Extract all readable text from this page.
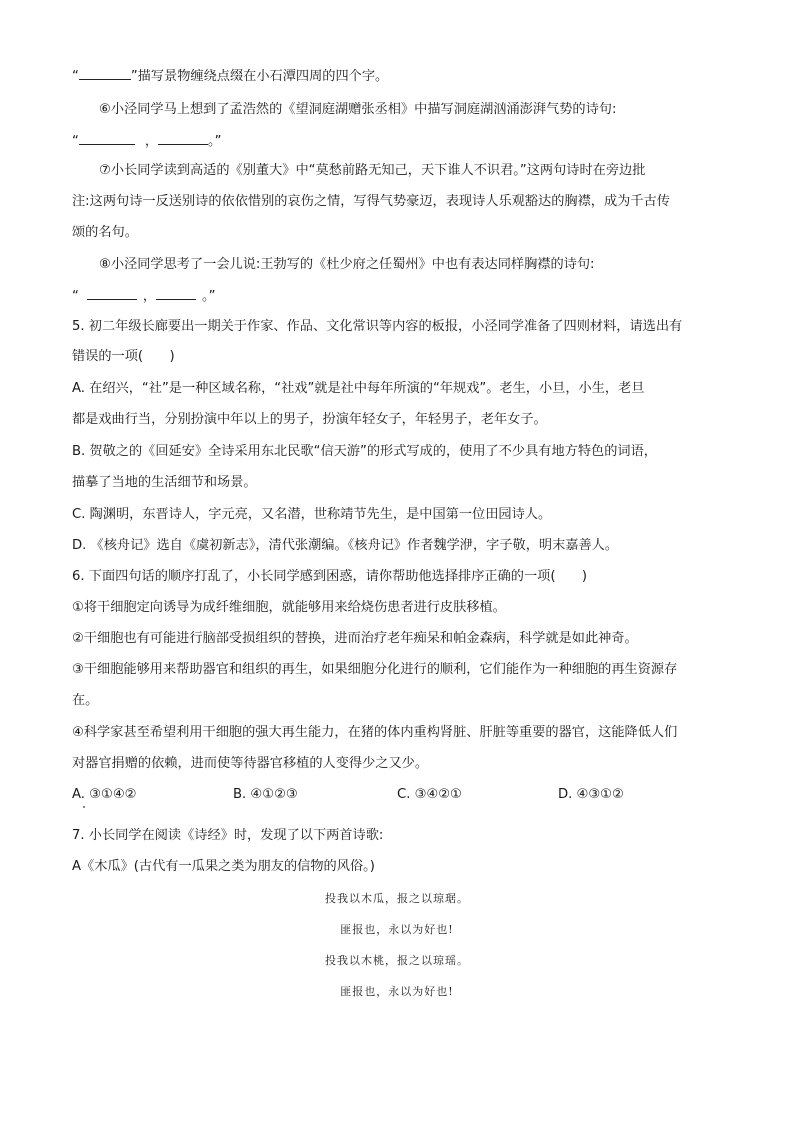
“	”描写景物缠绕点缀在小石潭四周的四个字。
⑥小泾同学马上想到了孟浩然的《望洞庭湖赠张丞相》中描写洞庭湖汹涌澎湃气势的诗句:
“	，	。”
⑦小长同学读到高适的《别董大》中“莫愁前路无知己，天下谁人不识君。”这两句诗时在旁边批
注:这两句诗一反送别诗的依依惜别的哀伤之情，写得气势豪迈，表现诗人乐观豁达的胸襟，成为千古传
颂的名句。
⑧小泾同学思考了一会儿说:王勃写的《杜少府之任蜀州》中也有表达同样胸襟的诗句:
“	，	。”
5. 初二年级长廊要出一期关于作家、作品、文化常识等内容的板报，小泾同学准备了四则材料，请选出有
错误的一项(　　)
A. 在绍兴，“社”是一种区域名称，“社戏”就是社中每年所演的“年规戏”。老生，小旦，小生，老旦
都是戏曲行当，分别扮演中年以上的男子，扮演年轻女子，年轻男子，老年女子。
B. 贺敬之的《回延安》全诗采用东北民歌“信天游”的形式写成的，使用了不少具有地方特色的词语，
描摹了当地的生活细节和场景。
C. 陶渊明，东晋诗人，字元亮，又名潜，世称靖节先生，是中国第一位田园诗人。
D. 《核舟记》选自《虞初新志》，清代张潮编。《核舟记》作者魏学洢，字子敬，明末嘉善人。
6. 下面四句话的顺序打乱了，小长同学感到困惑，请你帮助他选择排序正确的一项(　　)
①将干细胞定向诱导为成纤维细胞，就能够用来给烧伤患者进行皮肤移植。
②干细胞也有可能进行脑部受损组织的替换，进而治疗老年痴呆和帕金森病，科学就是如此神奇。
③干细胞能够用来帮助器官和组织的再生，如果细胞分化进行的顺利，它们能作为一种细胞的再生资源存
在。
④科学家甚至希望利用干细胞的强大再生能力，在猪的体内重构肾脏、肝脏等重要的器官，这能降低人们
对器官捐赠的依赖，进而使等待器官移植的人变得少之又少。
A. ③①④②	B. ④①②③	C. ③④②①	D. ④③①②
7. 小长同学在阅读《诗经》时，发现了以下两首诗歌:
A《木瓜》(古代有一瓜果之类为朋友的信物的风俗。)
投我以木瓜，报之以琼琚。
匪报也，永以为好也!
投我以木桃，报之以琼瑶。
匪报也，永以为好也!
